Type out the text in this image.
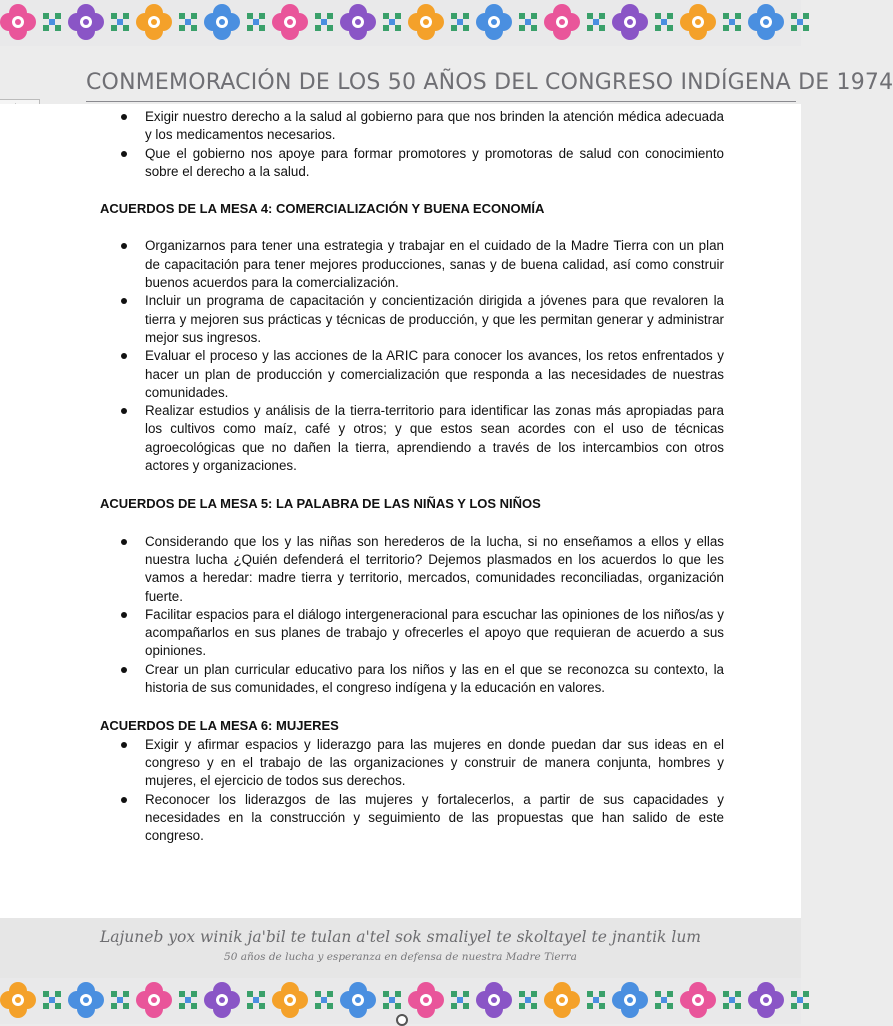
CONMEMORACIÓN DE LOS 50 AÑOS DEL CONGRESO INDÍGENA DE 1974
Exigir nuestro derecho a la salud al gobierno para que nos brinden la atención médica adecuada y los medicamentos necesarios.
Que el gobierno nos apoye para formar promotores y promotoras de salud con conocimiento sobre el derecho a la salud.

ACUERDOS DE LA MESA 4: COMERCIALIZACIÓN Y BUENA ECONOMÍA

Organizarnos para tener una estrategia y trabajar en el cuidado de la Madre Tierra con un plan de capacitación para tener mejores producciones, sanas y de buena calidad, así como construir buenos acuerdos para la comercialización.
Incluir un programa de capacitación y concientización dirigida a jóvenes para que revaloren la tierra y mejoren sus prácticas y técnicas de producción, y que les permitan generar y administrar mejor sus ingresos.
Evaluar el proceso y las acciones de la ARIC para conocer los avances, los retos enfrentados y hacer un plan de producción y comercialización que responda a las necesidades de nuestras comunidades.
Realizar estudios y análisis de la tierra-territorio para identificar las zonas más apropiadas para los cultivos como maíz, café y otros; y que estos sean acordes con el uso de técnicas agroecológicas que no dañen la tierra, aprendiendo a través de los intercambios con otros actores y organizaciones.

ACUERDOS DE LA MESA 5: LA PALABRA DE LAS NIÑAS Y LOS NIÑOS

Considerando que los y las niñas son herederos de la lucha, si no enseñamos a ellos y ellas nuestra lucha ¿Quién defenderá el territorio? Dejemos plasmados en los acuerdos lo que les vamos a heredar: madre tierra y territorio, mercados, comunidades reconciliadas, organización fuerte.
Facilitar espacios para el diálogo intergeneracional para escuchar las opiniones de los niños/as y acompañarlos en sus planes de trabajo y ofrecerles el apoyo que requieran de acuerdo a sus opiniones.
Crear un plan curricular educativo para los niños y las en el que se reconozca su contexto, la historia de sus comunidades, el congreso indígena y la educación en valores.

ACUERDOS DE LA MESA 6: MUJERES

Exigir y afirmar espacios y liderazgo para las mujeres en donde puedan dar sus ideas en el congreso y en el trabajo de las organizaciones y construir de manera conjunta, hombres y mujeres, el ejercicio de todos sus derechos.
Reconocer los liderazgos de las mujeres y fortalecerlos, a partir de sus capacidades y necesidades en la construcción y seguimiento de las propuestas que han salido de este congreso.
Lajuneb yox winik ja'bil te tulan a'tel sok smaliyel te skoltayel te jnantik lum
50 años de lucha y esperanza en defensa de nuestra Madre Tierra
